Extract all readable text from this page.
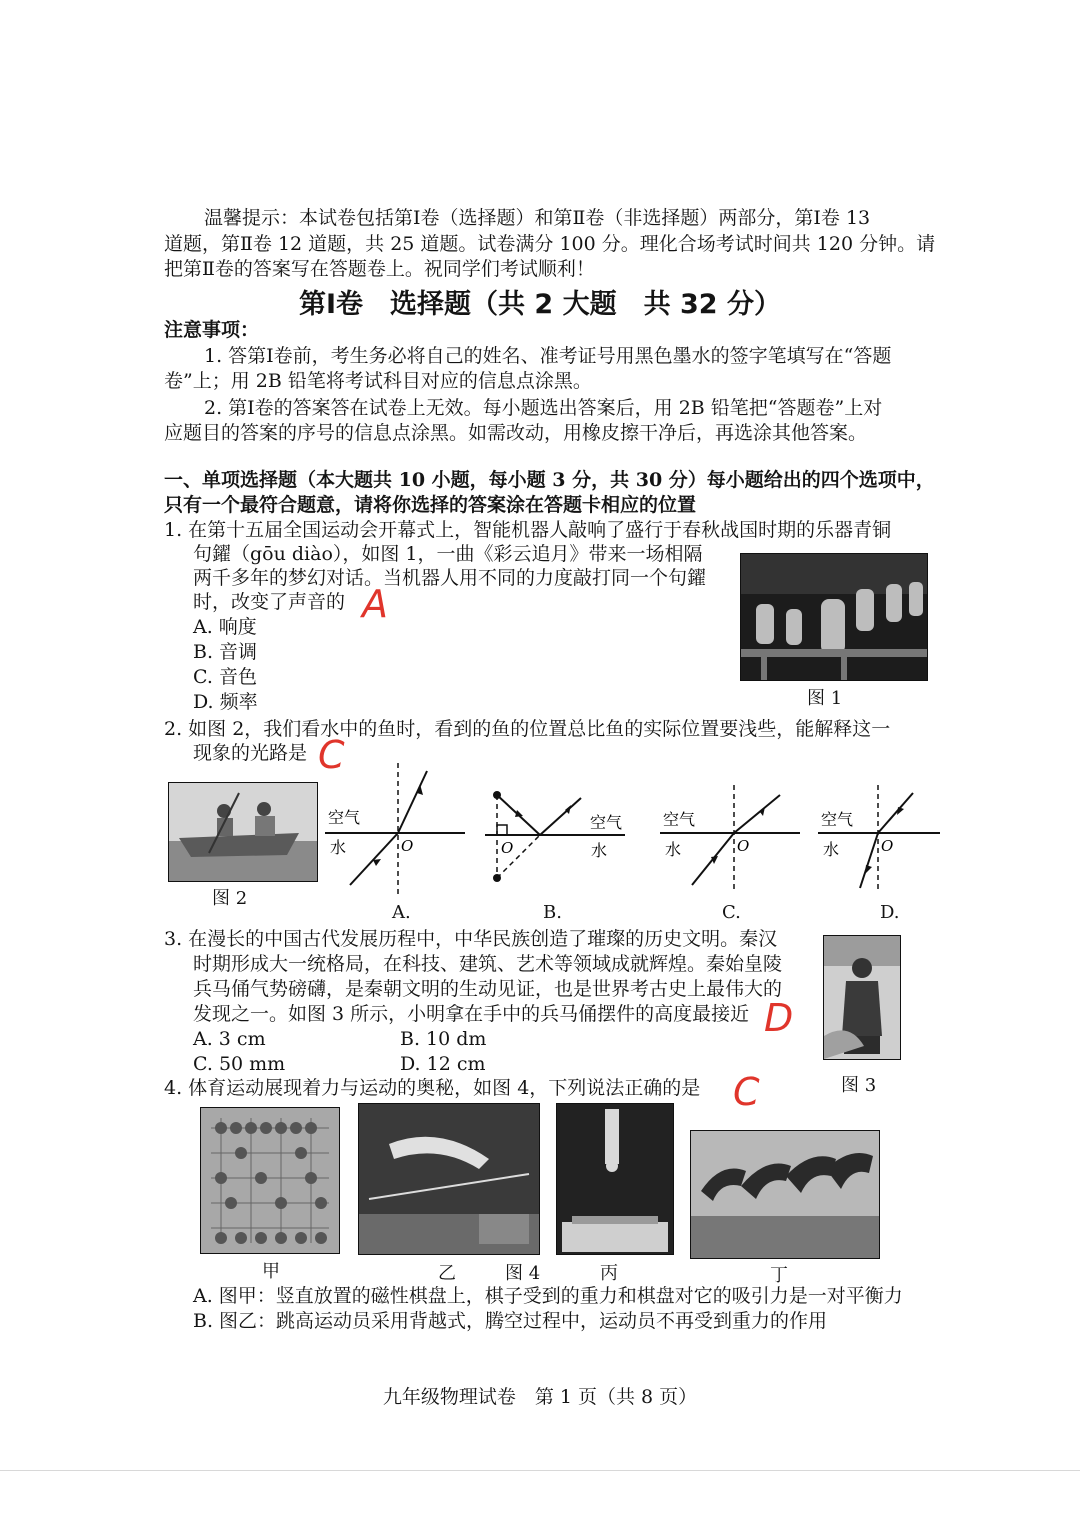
温馨提示：本试卷包括第Ⅰ卷（选择题）和第Ⅱ卷（非选择题）两部分，第Ⅰ卷 13
道题，第Ⅱ卷 12 道题，共 25 道题。试卷满分 100 分。理化合场考试时间共 120 分钟。请
把第Ⅱ卷的答案写在答题卷上。祝同学们考试顺利！
第Ⅰ卷　选择题（共 2 大题　共 32 分）
注意事项：
1. 答第Ⅰ卷前，考生务必将自己的姓名、准考证号用黑色墨水的签字笔填写在“答题
卷”上；用 2B 铅笔将考试科目对应的信息点涂黑。
2. 第Ⅰ卷的答案答在试卷上无效。每小题选出答案后，用 2B 铅笔把“答题卷”上对
应题目的答案的序号的信息点涂黑。如需改动，用橡皮擦干净后，再选涂其他答案。
一、单项选择题（本大题共 10 小题，每小题 3 分，共 30 分）每小题给出的四个选项中，
只有一个最符合题意，请将你选择的答案涂在答题卡相应的位置
1. 在第十五届全国运动会开幕式上，智能机器人敲响了盛行于春秋战国时期的乐器青铜
句鑃（gōu diào），如图 1，一曲《彩云追月》带来一场相隔
两千多年的梦幻对话。当机器人用不同的力度敲打同一个句鑃
时，改变了声音的 A
A. 响度
B. 音调
C. 音色
D. 频率	图 1
2. 如图 2，我们看水中的鱼时，看到的鱼的位置总比鱼的实际位置要浅些，能解释这一
现象的光路是 C
图 2
空气
水	O
A.
空气
水
O
B.
空气
水	O
C.
空气
水	O
D.
3. 在漫长的中国古代发展历程中，中华民族创造了璀璨的历史文明。秦汉
时期形成大一统格局，在科技、建筑、艺术等领域成就辉煌。秦始皇陵
兵马俑气势磅礴，是秦朝文明的生动见证，也是世界考古史上最伟大的
发现之一。如图 3 所示，小明拿在手中的兵马俑摆件的高度最接近 D
A. 3 cm	B. 10 dm
C. 50 mm	D. 12 cm
图 3
4. 体育运动展现着力与运动的奥秘，如图 4，下列说法正确的是 C
甲	乙	图 4	丙	丁
A. 图甲：竖直放置的磁性棋盘上，棋子受到的重力和棋盘对它的吸引力是一对平衡力
B. 图乙：跳高运动员采用背越式，腾空过程中，运动员不再受到重力的作用
九年级物理试卷　第 1 页（共 8 页）
